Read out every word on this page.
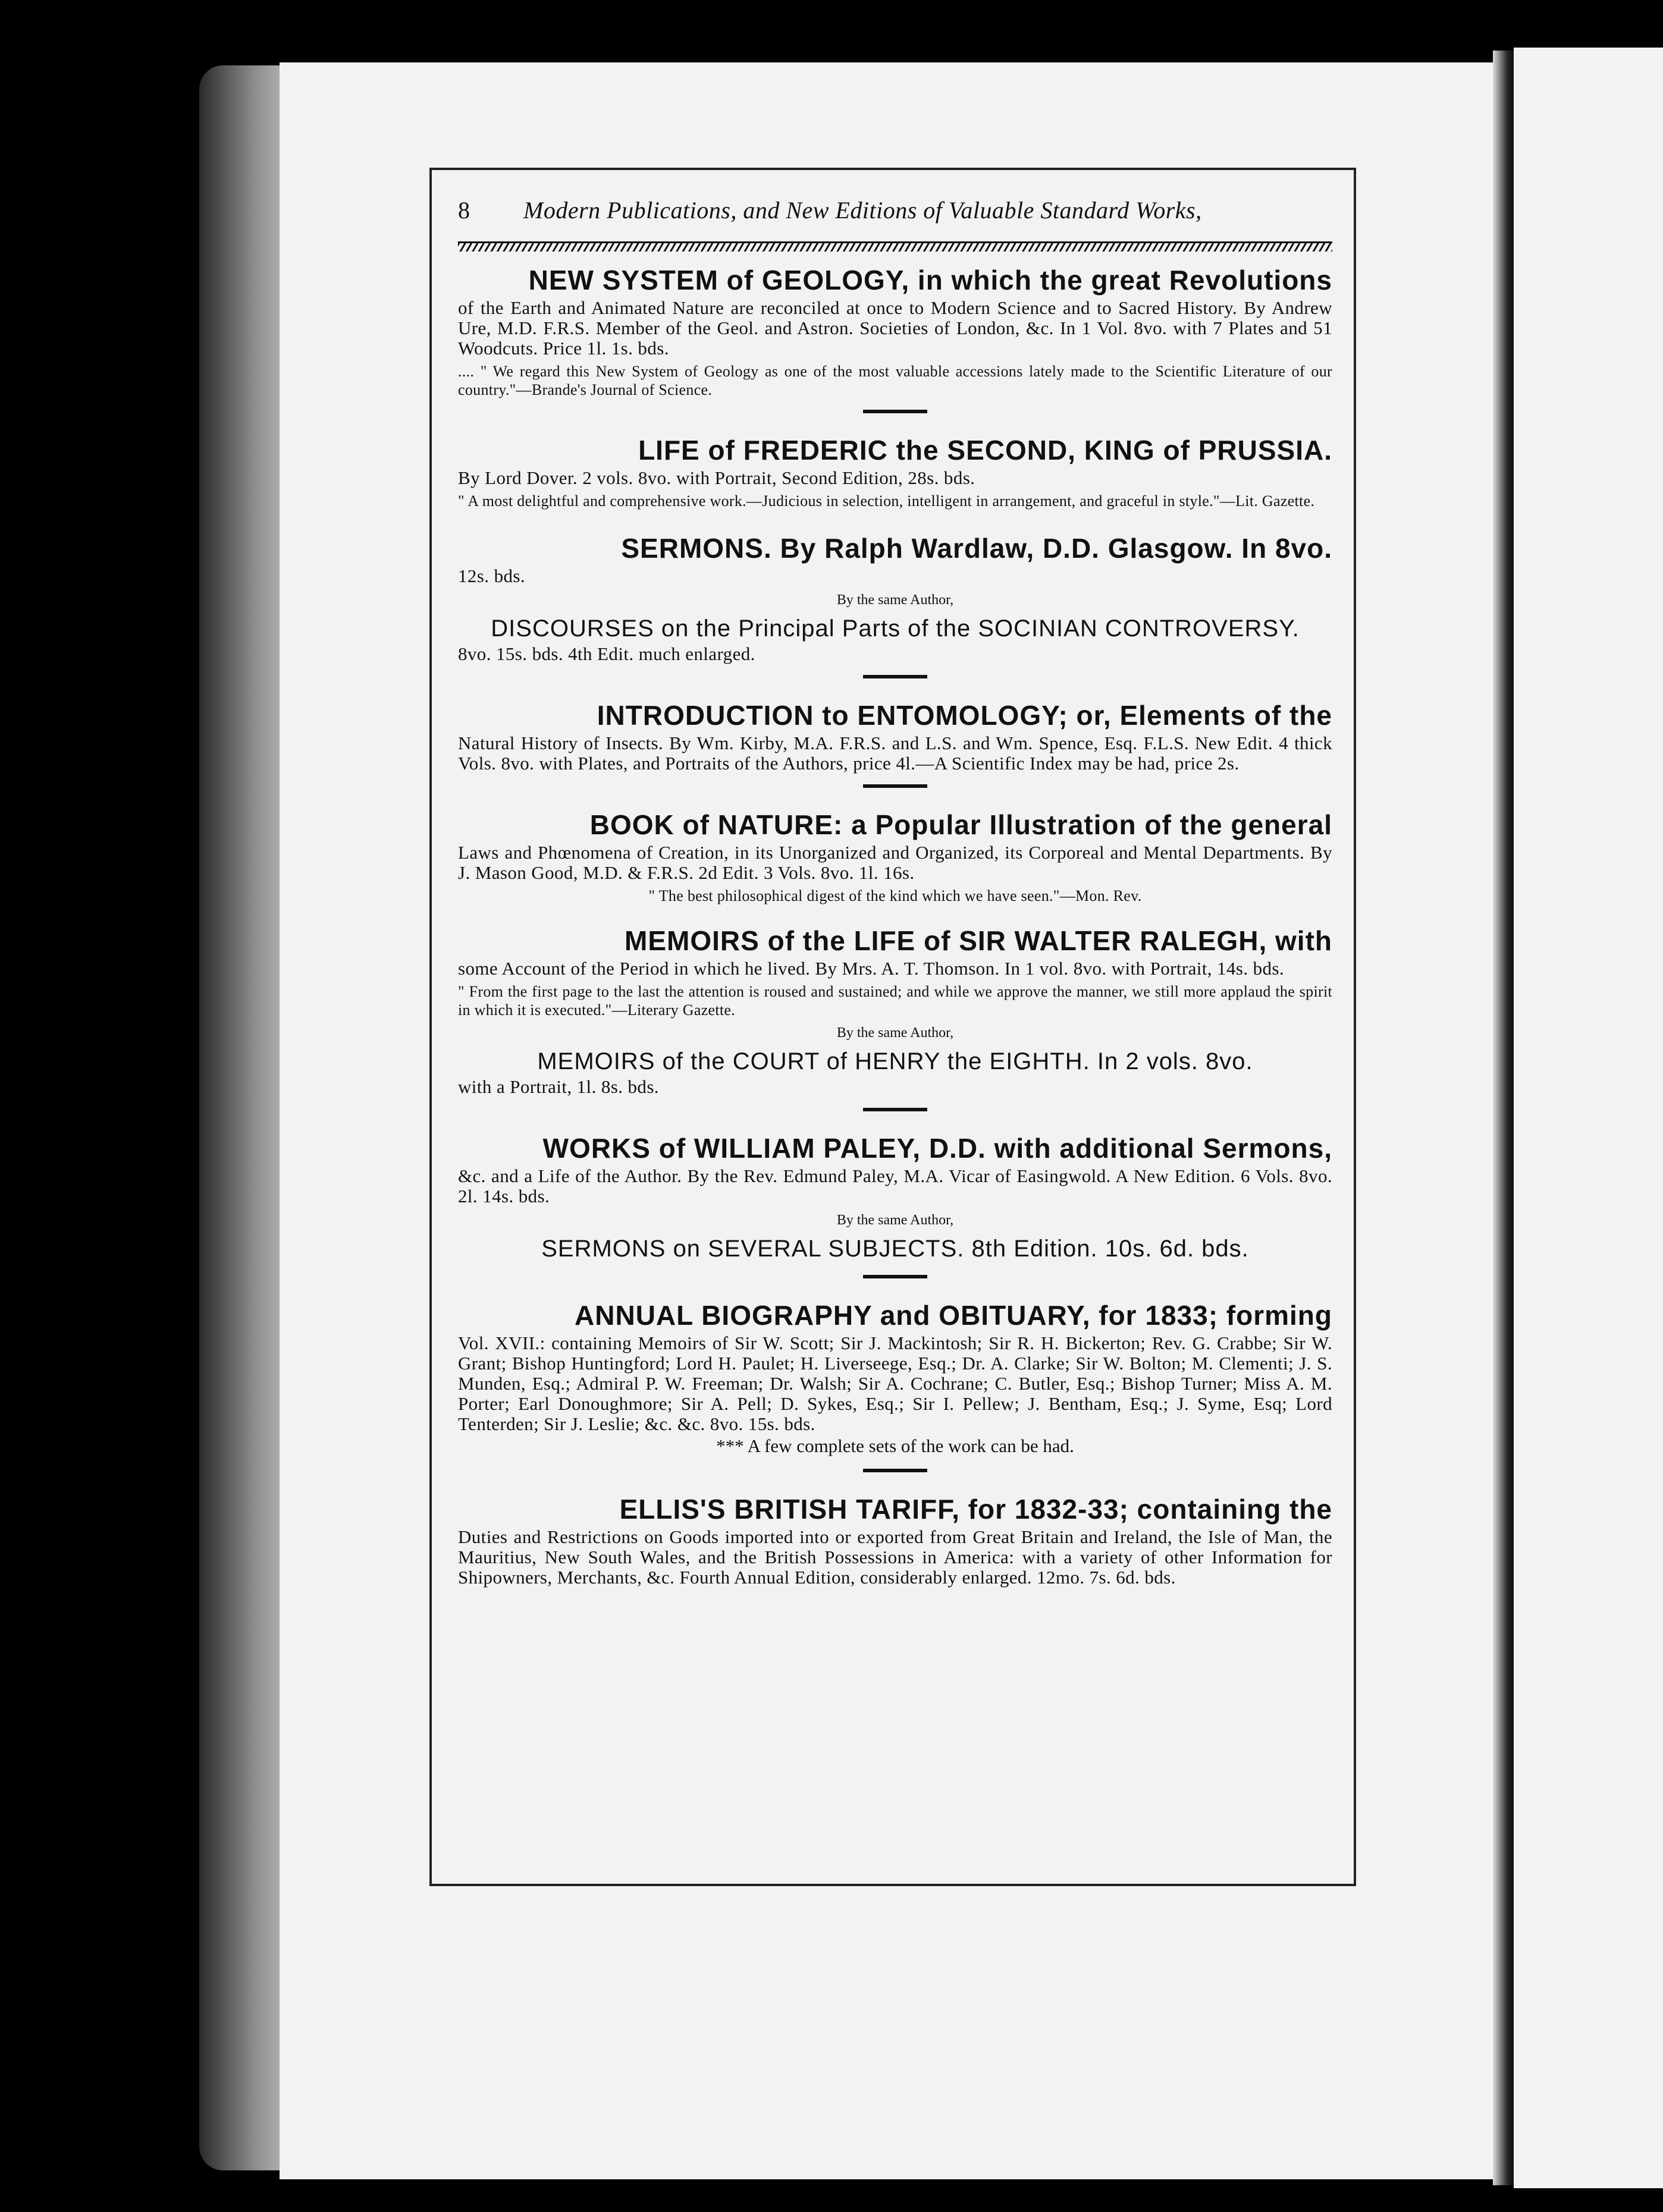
8	Modern Publications, and New Editions of Valuable Standard Works,
NEW SYSTEM of GEOLOGY, in which the great Revolutions
of the Earth and Animated Nature are reconciled at once to Modern Science and to Sacred History. By Andrew Ure, M.D. F.R.S. Member of the Geol. and Astron. Societies of London, &c. In 1 Vol. 8vo. with 7 Plates and 51 Woodcuts. Price 1l. 1s. bds.
.... " We regard this New System of Geology as one of the most valuable accessions lately made to the Scientific Literature of our country."—Brande's Journal of Science.
LIFE of FREDERIC the SECOND, KING of PRUSSIA.
By Lord Dover. 2 vols. 8vo. with Portrait, Second Edition, 28s. bds.
" A most delightful and comprehensive work.—Judicious in selection, intelligent in arrangement, and graceful in style."—Lit. Gazette.
SERMONS. By Ralph Wardlaw, D.D. Glasgow. In 8vo.
12s. bds.
By the same Author,
DISCOURSES on the Principal Parts of the SOCINIAN CONTROVERSY.
8vo. 15s. bds. 4th Edit. much enlarged.
INTRODUCTION to ENTOMOLOGY; or, Elements of the
Natural History of Insects. By Wm. Kirby, M.A. F.R.S. and L.S. and Wm. Spence, Esq. F.L.S. New Edit. 4 thick Vols. 8vo. with Plates, and Portraits of the Authors, price 4l.—A Scientific Index may be had, price 2s.
BOOK of NATURE: a Popular Illustration of the general
Laws and Phœnomena of Creation, in its Unorganized and Organized, its Corporeal and Mental Departments. By J. Mason Good, M.D. & F.R.S. 2d Edit. 3 Vols. 8vo. 1l. 16s.
" The best philosophical digest of the kind which we have seen."—Mon. Rev.
MEMOIRS of the LIFE of SIR WALTER RALEGH, with
some Account of the Period in which he lived. By Mrs. A. T. Thomson. In 1 vol. 8vo. with Portrait, 14s. bds.
" From the first page to the last the attention is roused and sustained; and while we approve the manner, we still more applaud the spirit in which it is executed."—Literary Gazette.
By the same Author,
MEMOIRS of the COURT of HENRY the EIGHTH. In 2 vols. 8vo.
with a Portrait, 1l. 8s. bds.
WORKS of WILLIAM PALEY, D.D. with additional Sermons,
&c. and a Life of the Author. By the Rev. Edmund Paley, M.A. Vicar of Easingwold. A New Edition. 6 Vols. 8vo. 2l. 14s. bds.
By the same Author,
SERMONS on SEVERAL SUBJECTS. 8th Edition. 10s. 6d. bds.
ANNUAL BIOGRAPHY and OBITUARY, for 1833; forming
Vol. XVII.: containing Memoirs of Sir W. Scott; Sir J. Mackintosh; Sir R. H. Bickerton; Rev. G. Crabbe; Sir W. Grant; Bishop Huntingford; Lord H. Paulet; H. Liverseege, Esq.; Dr. A. Clarke; Sir W. Bolton; M. Clementi; J. S. Munden, Esq.; Admiral P. W. Freeman; Dr. Walsh; Sir A. Cochrane; C. Butler, Esq.; Bishop Turner; Miss A. M. Porter; Earl Donoughmore; Sir A. Pell; D. Sykes, Esq.; Sir I. Pellew; J. Bentham, Esq.; J. Syme, Esq; Lord Tenterden; Sir J. Leslie; &c. &c. 8vo. 15s. bds.
*** A few complete sets of the work can be had.
ELLIS'S BRITISH TARIFF, for 1832-33; containing the
Duties and Restrictions on Goods imported into or exported from Great Britain and Ireland, the Isle of Man, the Mauritius, New South Wales, and the British Possessions in America: with a variety of other Information for Shipowners, Merchants, &c. Fourth Annual Edition, considerably enlarged. 12mo. 7s. 6d. bds.
